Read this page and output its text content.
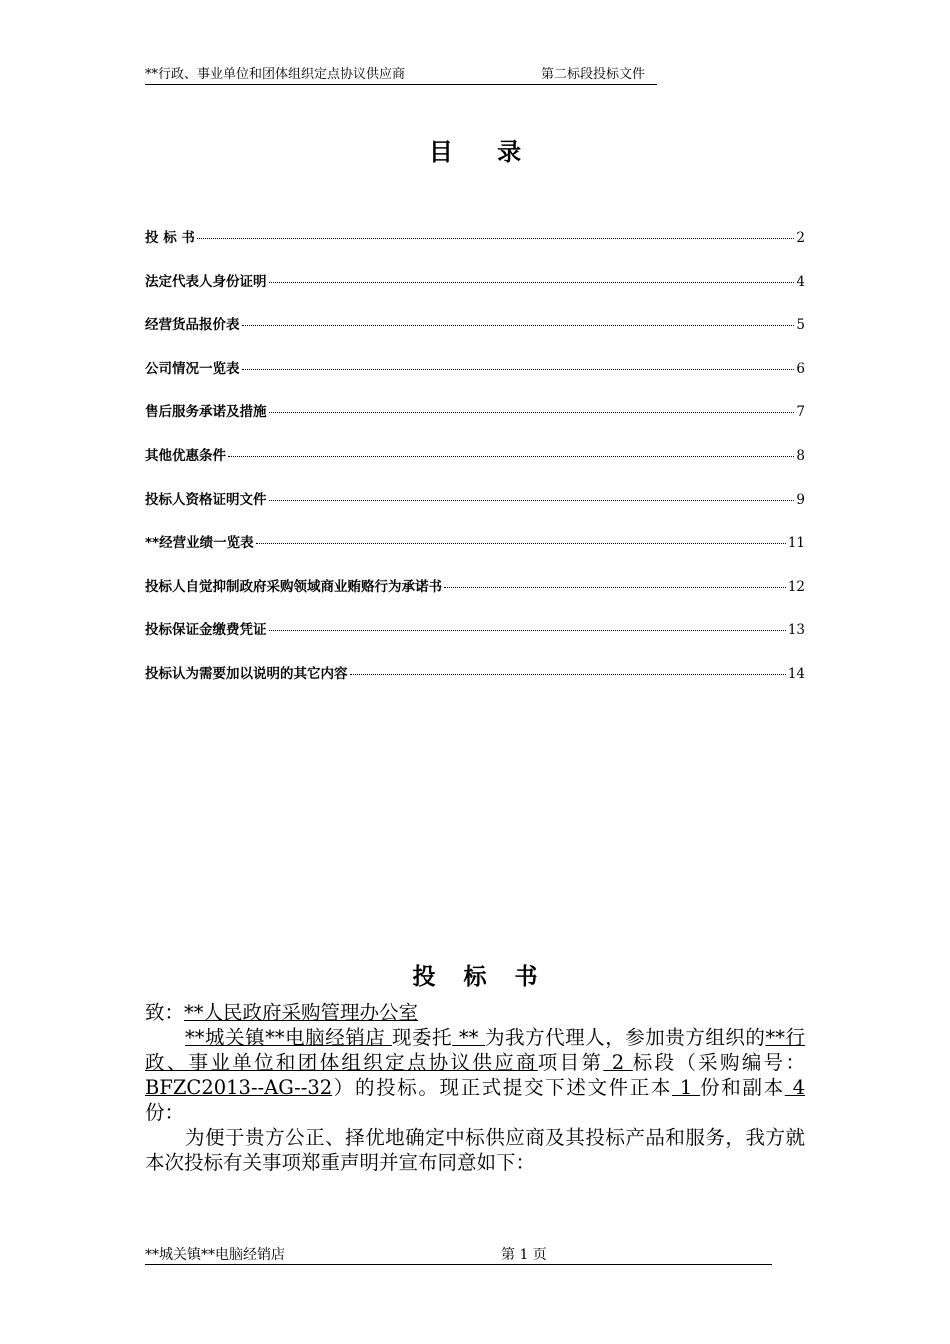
**行政、事业单位和团体组织定点协议供应商	第二标段投标文件
目 录
投 标 书	2
法定代表人身份证明	4
经营货品报价表	5
公司情况一览表	6
售后服务承诺及措施	7
其他优惠条件	8
投标人资格证明文件	9
**经营业绩一览表	11
投标人自觉抑制政府采购领域商业贿赂行为承诺书	12
投标保证金缴费凭证	13
投标认为需要加以说明的其它内容	14
投 标 书

致：**人民政府采购管理办公室

**城关镇**电脑经销店 现委托 ** 为我方代理人，参加贵方组织的**行政、事业单位和团体组织定点协议供应商项目第 2 标段（采购编号：BFZC2013--AG--32）的投标。现正式提交下述文件正本 1 份和副本 4 份：

为便于贵方公正、择优地确定中标供应商及其投标产品和服务，我方就本次投标有关事项郑重声明并宣布同意如下：

**城关镇**电脑经销店	第 1 页
